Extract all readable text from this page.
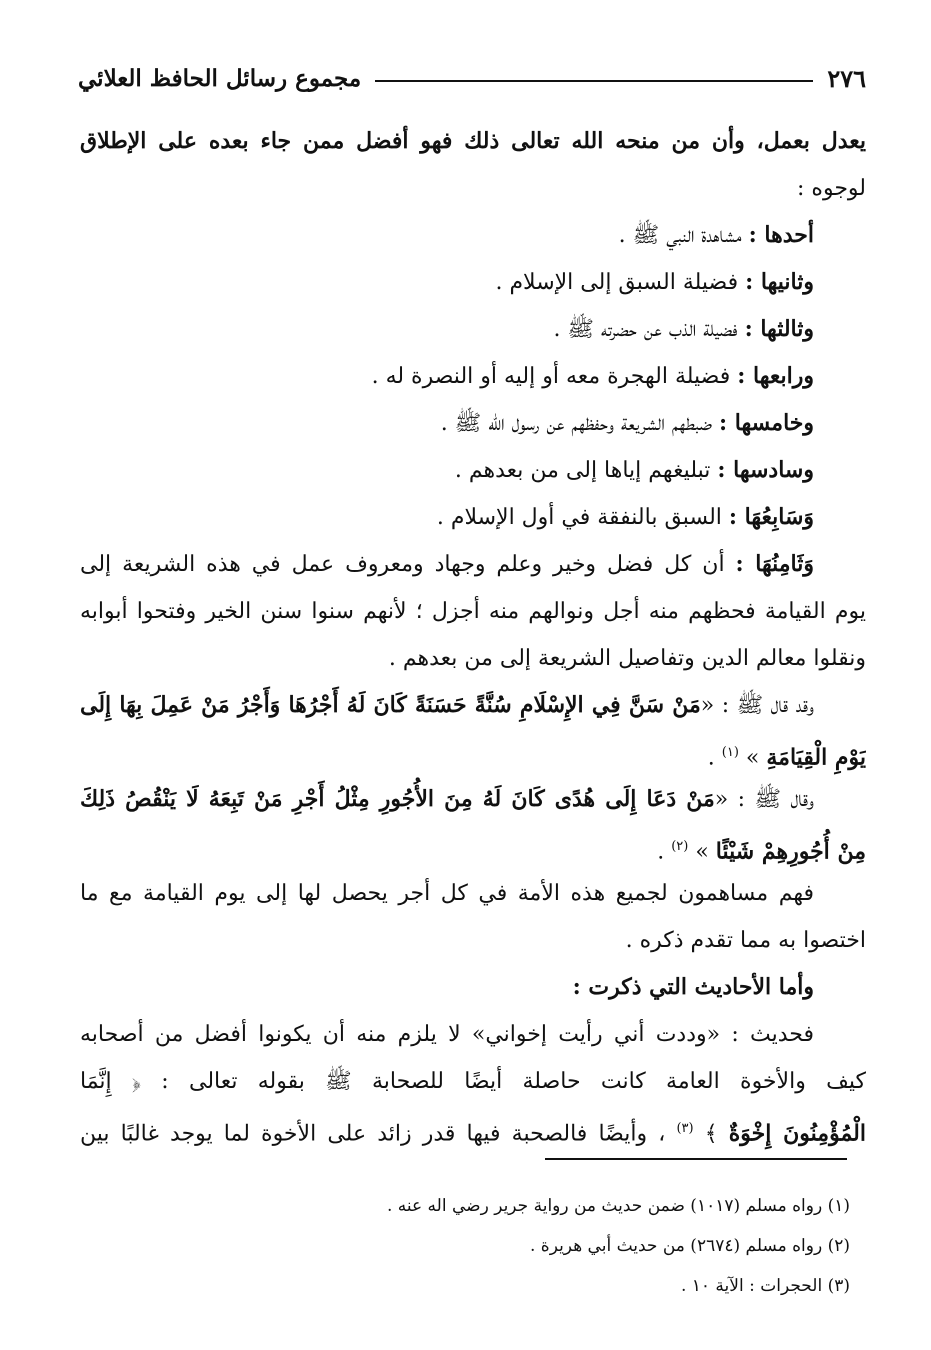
٢٧٦
مجموع رسائل الحافظ العلائي
يعدل بعمل، وأن من منحه الله تعالى ذلك فهو أفضل ممن جاء بعده على الإطلاق
لوجوه :
أحدها : مشاهدة النبي ﷺ .
وثانيها : فضيلة السبق إلى الإسلام .
وثالثها : فضيلة الذب عن حضرته ﷺ .
ورابعها : فضيلة الهجرة معه أو إليه أو النصرة له .
وخامسها : ضبطهم الشريعة وحفظهم عن رسول الله ﷺ .
وسادسها : تبليغهم إياها إلى من بعدهم .
وَسَابِعُهَا : السبق بالنفقة في أول الإسلام .
وَثَامِنُهَا : أن كل فضل وخير وعلم وجهاد ومعروف عمل في هذه الشريعة إلى
يوم القيامة فحظهم منه أجل ونوالهم منه أجزل ؛ لأنهم سنوا سنن الخير وفتحوا أبوابه
ونقلوا معالم الدين وتفاصيل الشريعة إلى من بعدهم .
وقد قال ﷺ : «مَنْ سَنَّ فِي الإِسْلَامِ سُنَّةً حَسَنَةً كَانَ لَهُ أَجْرُهَا وَأَجْرُ مَنْ عَمِلَ بِهَا إِلَى
يَوْمِ الْقِيَامَةِ » $^{(١)}$ .
وقال ﷺ : «مَنْ دَعَا إِلَى هُدًى كَانَ لَهُ مِنَ الأُجُورِ مِثْلُ أَجْرِ مَنْ تَبِعَهُ لَا يَنْقُصُ ذَلِكَ
مِنْ أُجُورِهِمْ شَيْئًا » $^{(٢)}$ .
فهم مساهمون لجميع هذه الأمة في كل أجر يحصل لها إلى يوم القيامة مع ما
اختصوا به مما تقدم ذكره .
وأما الأحاديث التي ذكرت :
فحديث : «وددت أني رأيت إخواني» لا يلزم منه أن يكونوا أفضل من أصحابه
كيف والأخوة العامة كانت حاصلة أيضًا للصحابة ﷺ بقوله تعالى : ﴿ إِنَّمَا
الْمُؤْمِنُونَ إِخْوَةٌ ﴾ $^{(٣)}$ ، وأيضًا فالصحبة فيها قدر زائد على الأخوة لما يوجد غالبًا بين
(١) رواه مسلم (١٠١٧) ضمن حديث من رواية جرير رضي اله عنه .
(٢) رواه مسلم (٢٦٧٤) من حديث أبي هريرة .
(٣) الحجرات : الآية ١٠ .
